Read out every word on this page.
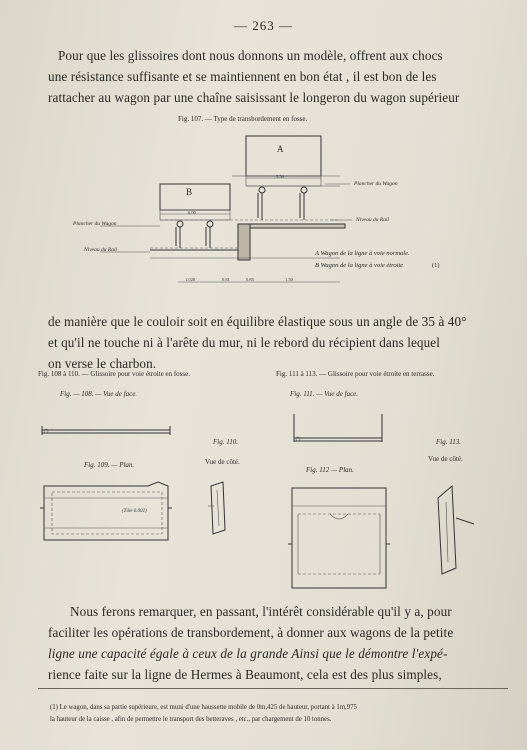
— 263 —

Pour que les glissoires dont nous donnons un modèle, offrent aux chocs

une résistance suffisante et se maintiennent en bon état , il est bon de les

rattacher au wagon par une chaîne saisissant le longeron du wagon supérieur

Fig. 107. — Type de transbordement en fosse.

5.50
6.00
1.028	0.81	0.85	1.50
A
B
Plancher du Wagon
Niveau du Rail
Plancher du Wagon
Niveau du Rail	A Wagon de la ligne à voie normale.
B Wagon de la ligne à voie étroite	(1)

de manière que le couloir soit en équilibre élastique sous un angle de 35 à 40°

et qu'il ne touche ni à l'arête du mur, ni le rebord du récipient dans lequel

on verse le charbon.

Fig. 108 à 110. — Glissoire pour voie étroite en fosse.

Fig. — 108. — Vue de face.

Fig. 109. — Plan.

Fig. 110.

Vue de côté.

(Tôle 0.002)

Fig. 111 à 113. — Glissoire pour voie étroite en terrasse.

Fig. 111. — Vue de face.

Fig. 112 — Plan.

Fig. 113.

Vue de côté.

Nous ferons remarquer, en passant, l'intérêt considérable qu'il y a, pour

faciliter les opérations de transbordement, à donner aux wagons de la petite

ligne une capacité égale à ceux de la grande Ainsi que le démontre l'expé-

rience faite sur la ligne de Hermes à Beaumont, cela est des plus simples,

(1) Le wagon, dans sa partie supérieure, est muni d'une haussette mobile de 0m,425 de hauteur, portant à 1m,975

la hauteur de la caisse , afin de permettre le transport des betteraves , etc., par chargement de 10 tonnes.
